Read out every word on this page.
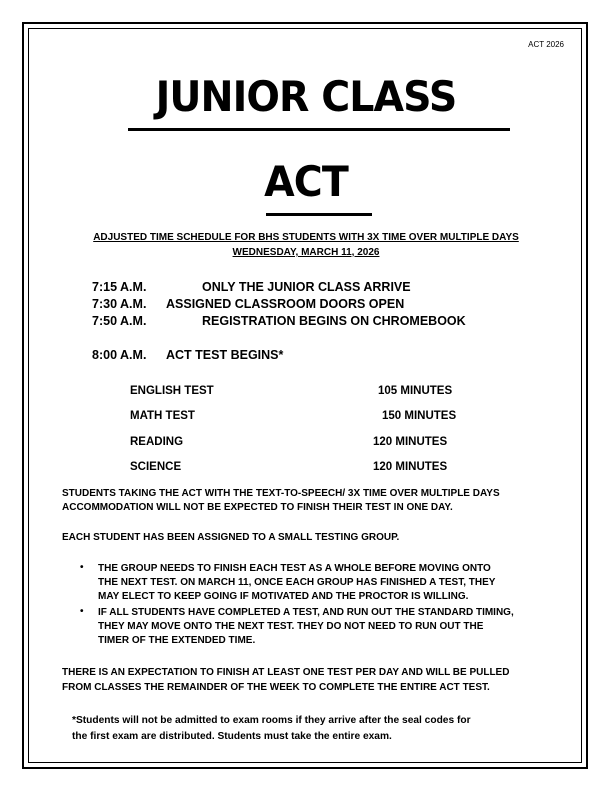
ACT 2026
JUNIOR CLASS
ACT
ADJUSTED TIME SCHEDULE FOR BHS STUDENTS WITH 3X TIME OVER MULTIPLE DAYS
WEDNESDAY, MARCH 11, 2026
7:15 A.M.	ONLY THE JUNIOR CLASS ARRIVE
7:30 A.M. ASSIGNED CLASSROOM DOORS OPEN
7:50 A.M.	REGISTRATION BEGINS ON CHROMEBOOK
8:00 A.M. ACT TEST BEGINS*
ENGLISH TEST	105 MINUTES
MATH TEST	150 MINUTES
READING	120 MINUTES
SCIENCE	120 MINUTES
STUDENTS TAKING THE ACT WITH THE TEXT-TO-SPEECH/ 3X TIME OVER MULTIPLE DAYS
ACCOMMODATION WILL NOT BE EXPECTED TO FINISH THEIR TEST IN ONE DAY.
EACH STUDENT HAS BEEN ASSIGNED TO A SMALL TESTING GROUP.
• THE GROUP NEEDS TO FINISH EACH TEST AS A WHOLE BEFORE MOVING ONTO
THE NEXT TEST. ON MARCH 11, ONCE EACH GROUP HAS FINISHED A TEST, THEY
MAY ELECT TO KEEP GOING IF MOTIVATED AND THE PROCTOR IS WILLING.
• IF ALL STUDENTS HAVE COMPLETED A TEST, AND RUN OUT THE STANDARD TIMING,
THEY MAY MOVE ONTO THE NEXT TEST. THEY DO NOT NEED TO RUN OUT THE
TIMER OF THE EXTENDED TIME.
THERE IS AN EXPECTATION TO FINISH AT LEAST ONE TEST PER DAY AND WILL BE PULLED
FROM CLASSES THE REMAINDER OF THE WEEK TO COMPLETE THE ENTIRE ACT TEST.
*Students will not be admitted to exam rooms if they arrive after the seal codes for
the first exam are distributed. Students must take the entire exam.
